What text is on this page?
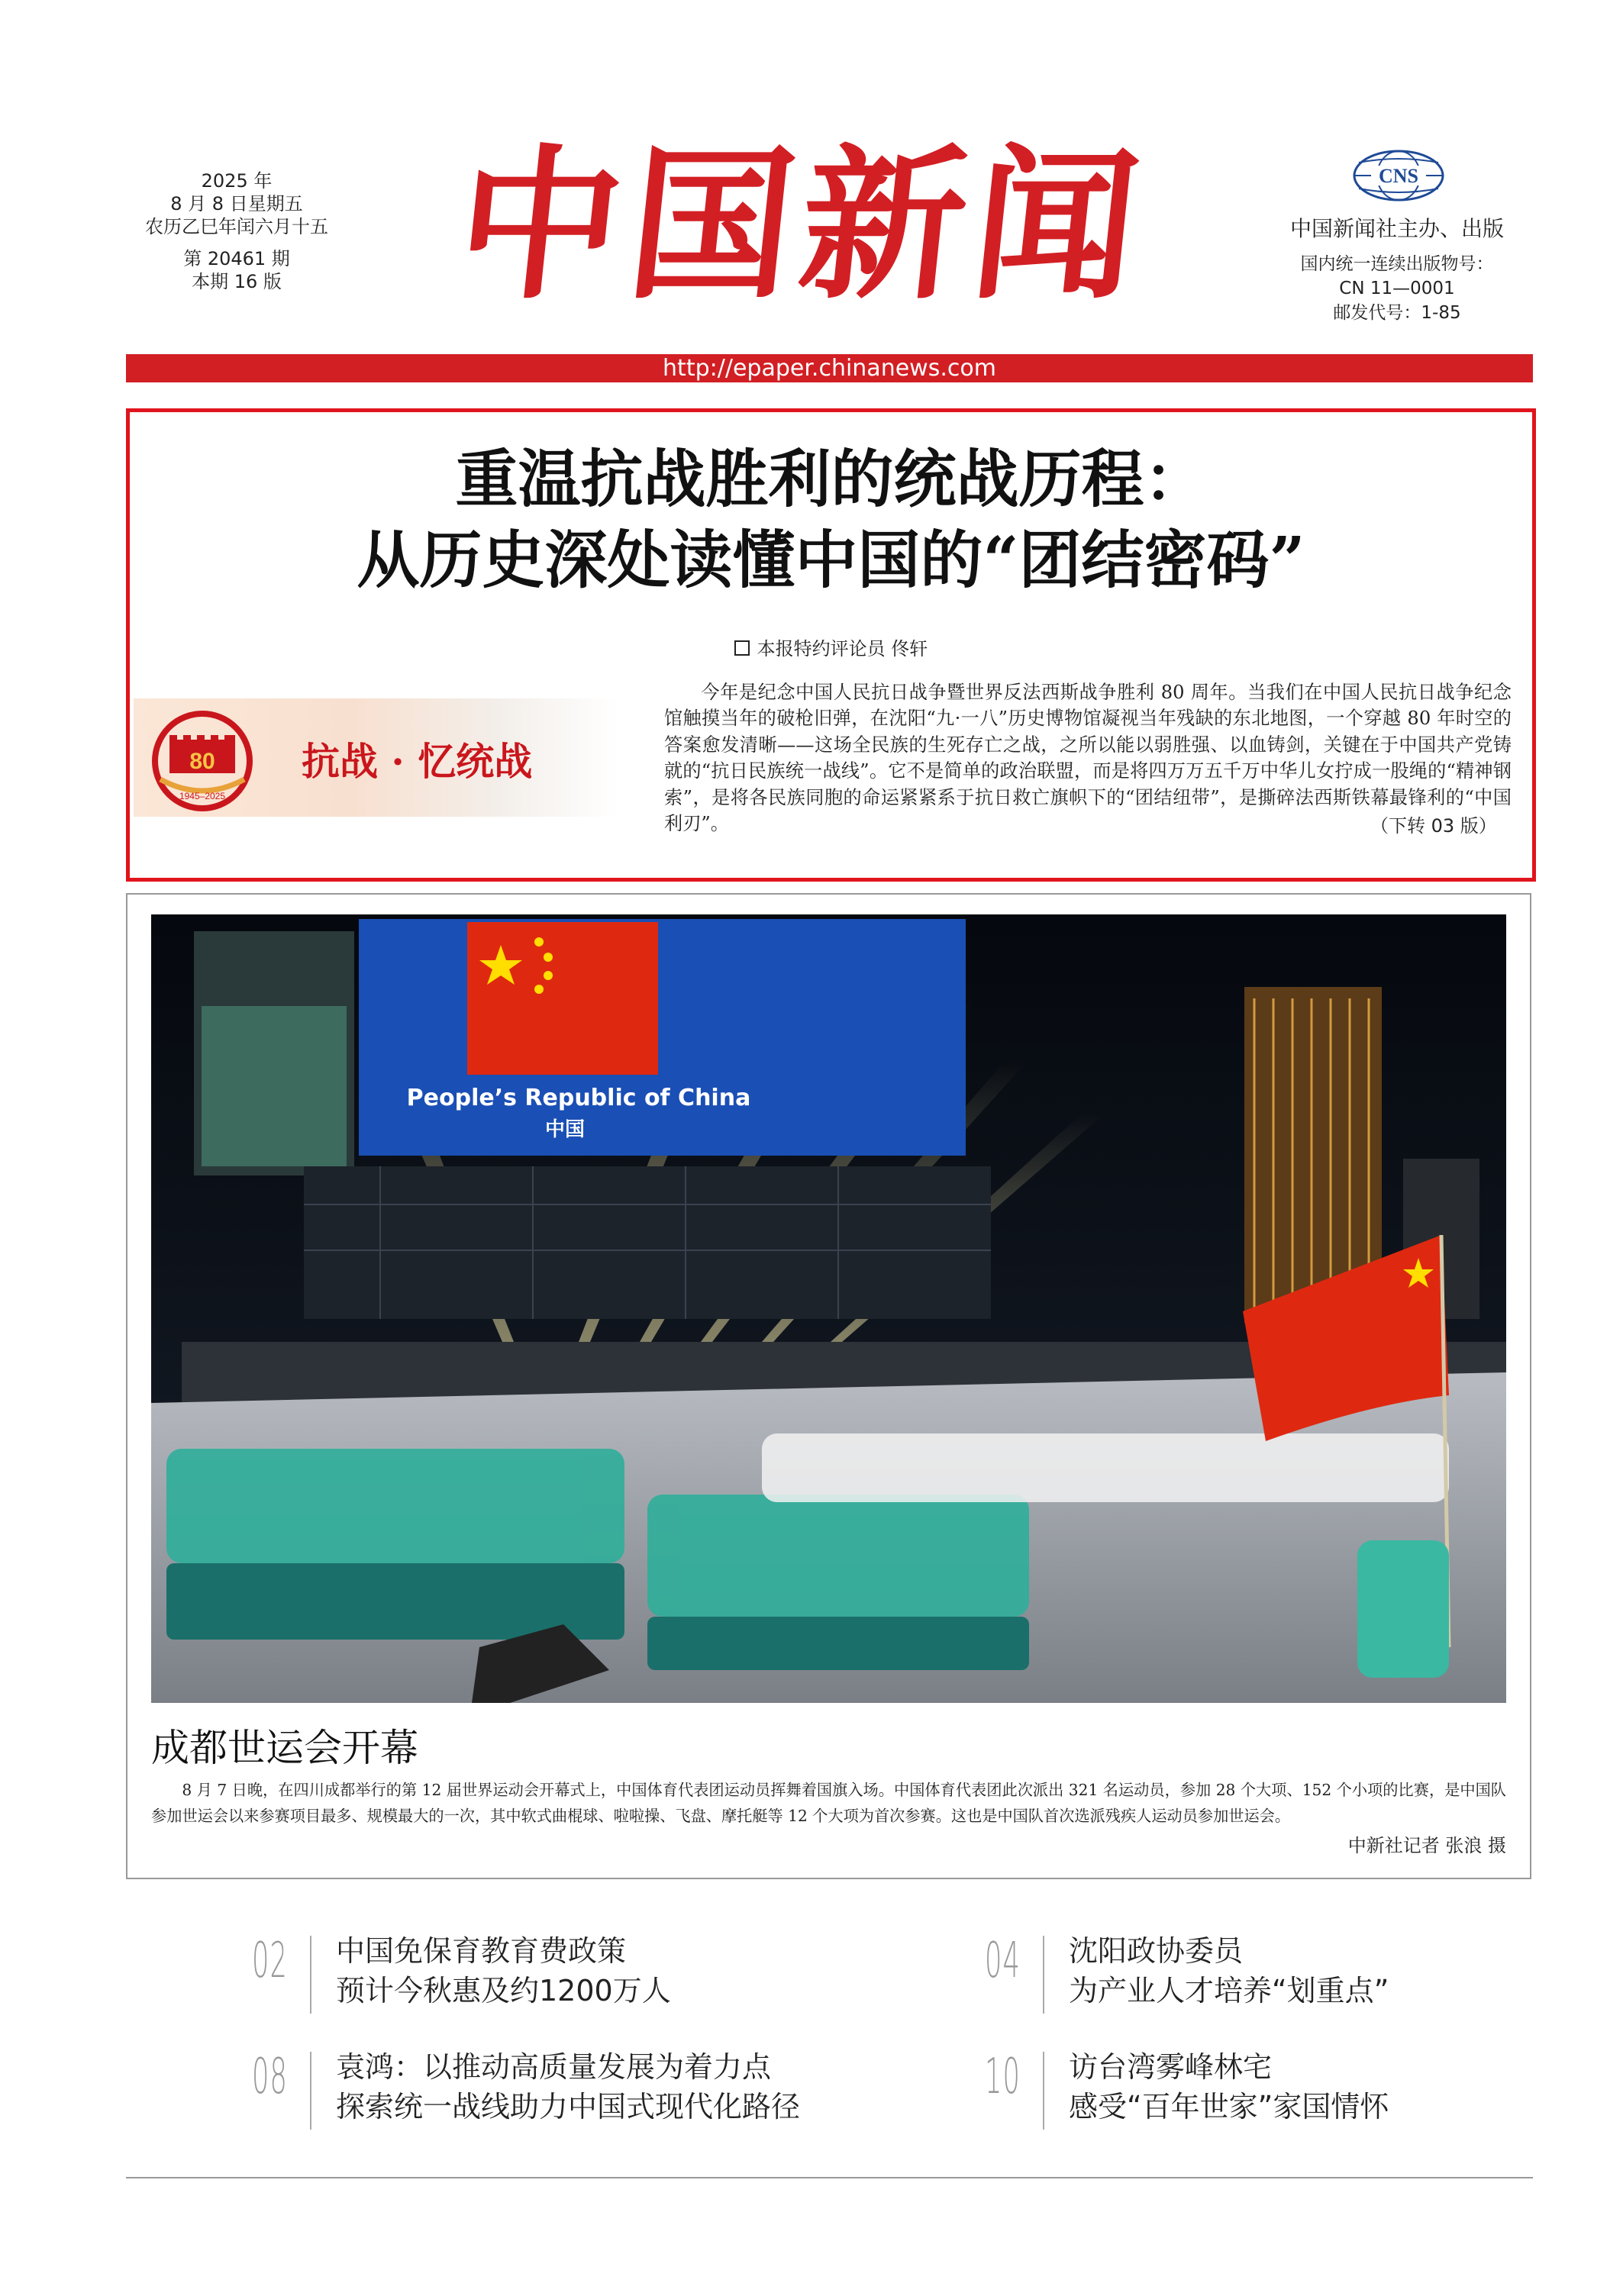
2025 年
8 月 8 日星期五
农历乙巳年闰六月十五
第 20461 期
本期 16 版	中国新闻	CNS
中国新闻社主办、出版
国内统一连续出版物号：
CN 11—0001
邮发代号：1-85
http://epaper.chinanews.com
重温抗战胜利的统战历程：
从历史深处读懂中国的“团结密码”
本报特约评论员 佟轩
80
1945–2025
抗战 · 忆统战
今年是纪念中国人民抗日战争暨世界反法西斯战争胜利 80 周年。当我们在中国人民抗日战争纪念馆触摸当年的破枪旧弹，在沈阳“九·一八”历史博物馆凝视当年残缺的东北地图，一个穿越 80 年时空的答案愈发清晰——这场全民族的生死存亡之战，之所以能以弱胜强、以血铸剑，关键在于中国共产党铸就的“抗日民族统一战线”。它不是简单的政治联盟，而是将四万万五千万中华儿女拧成一股绳的“精神钢索”，是将各民族同胞的命运紧紧系于抗日救亡旗帜下的“团结纽带”，是撕碎法西斯铁幕最锋利的“中国利刃”。	（下转 03 版）
People’s Republic of China
中国
成都世运会开幕
8 月 7 日晚，在四川成都举行的第 12 届世界运动会开幕式上，中国体育代表团运动员挥舞着国旗入场。中国体育代表团此次派出 321 名运动员，参加 28 个大项、152 个小项的比赛，是中国队参加世运会以来参赛项目最多、规模最大的一次，其中软式曲棍球、啦啦操、飞盘、摩托艇等 12 个大项为首次参赛。这也是中国队首次选派残疾人运动员参加世运会。
中新社记者 张浪 摄
02 中国免保育教育费政策
预计今秋惠及约1200万人
04 沈阳政协委员
为产业人才培养“划重点”
08 袁鸿：以推动高质量发展为着力点
探索统一战线助力中国式现代化路径
10 访台湾雾峰林宅
感受“百年世家”家国情怀
